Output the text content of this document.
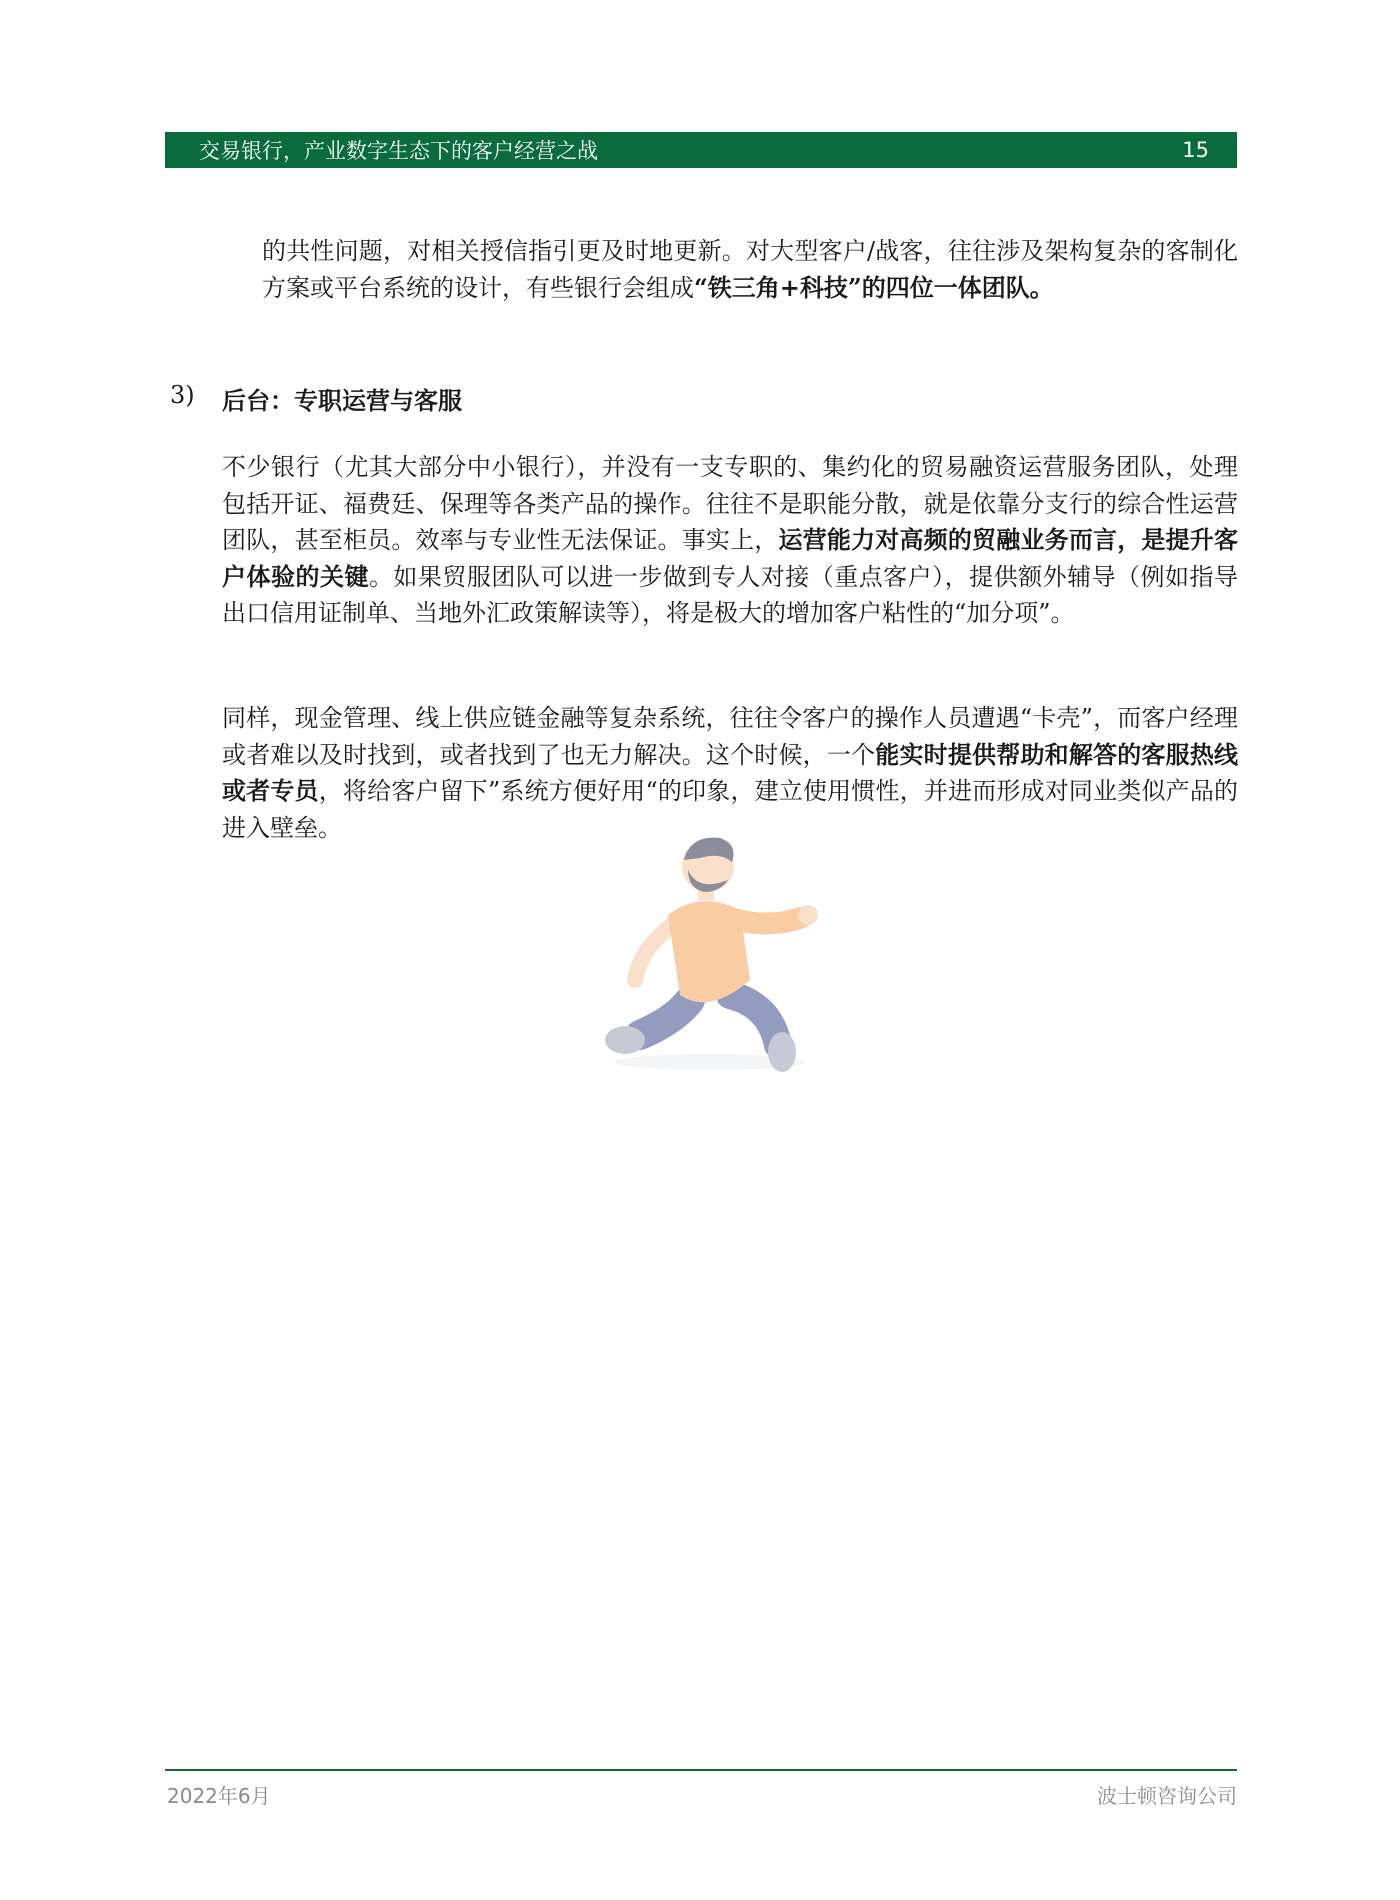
交易银行，产业数字生态下的客户经营之战	15

的共性问题，对相关授信指引更及时地更新。对大型客户/战客，往往涉及架构复杂的客制化方案或平台系统的设计，有些银行会组成“铁三角+科技”的四位一体团队。

3)	后台：专职运营与客服

不少银行（尤其大部分中小银行），并没有一支专职的、集约化的贸易融资运营服务团队，处理包括开证、福费廷、保理等各类产品的操作。往往不是职能分散，就是依靠分支行的综合性运营团队，甚至柜员。效率与专业性无法保证。事实上，运营能力对高频的贸融业务而言，是提升客户体验的关键。如果贸服团队可以进一步做到专人对接（重点客户），提供额外辅导（例如指导出口信用证制单、当地外汇政策解读等），将是极大的增加客户粘性的“加分项”。

同样，现金管理、线上供应链金融等复杂系统，往往令客户的操作人员遭遇“卡壳”，而客户经理或者难以及时找到，或者找到了也无力解决。这个时候，一个能实时提供帮助和解答的客服热线或者专员，将给客户留下”系统方便好用“的印象，建立使用惯性，并进而形成对同业类似产品的进入壁垒。

2022年6月	波士顿咨询公司
